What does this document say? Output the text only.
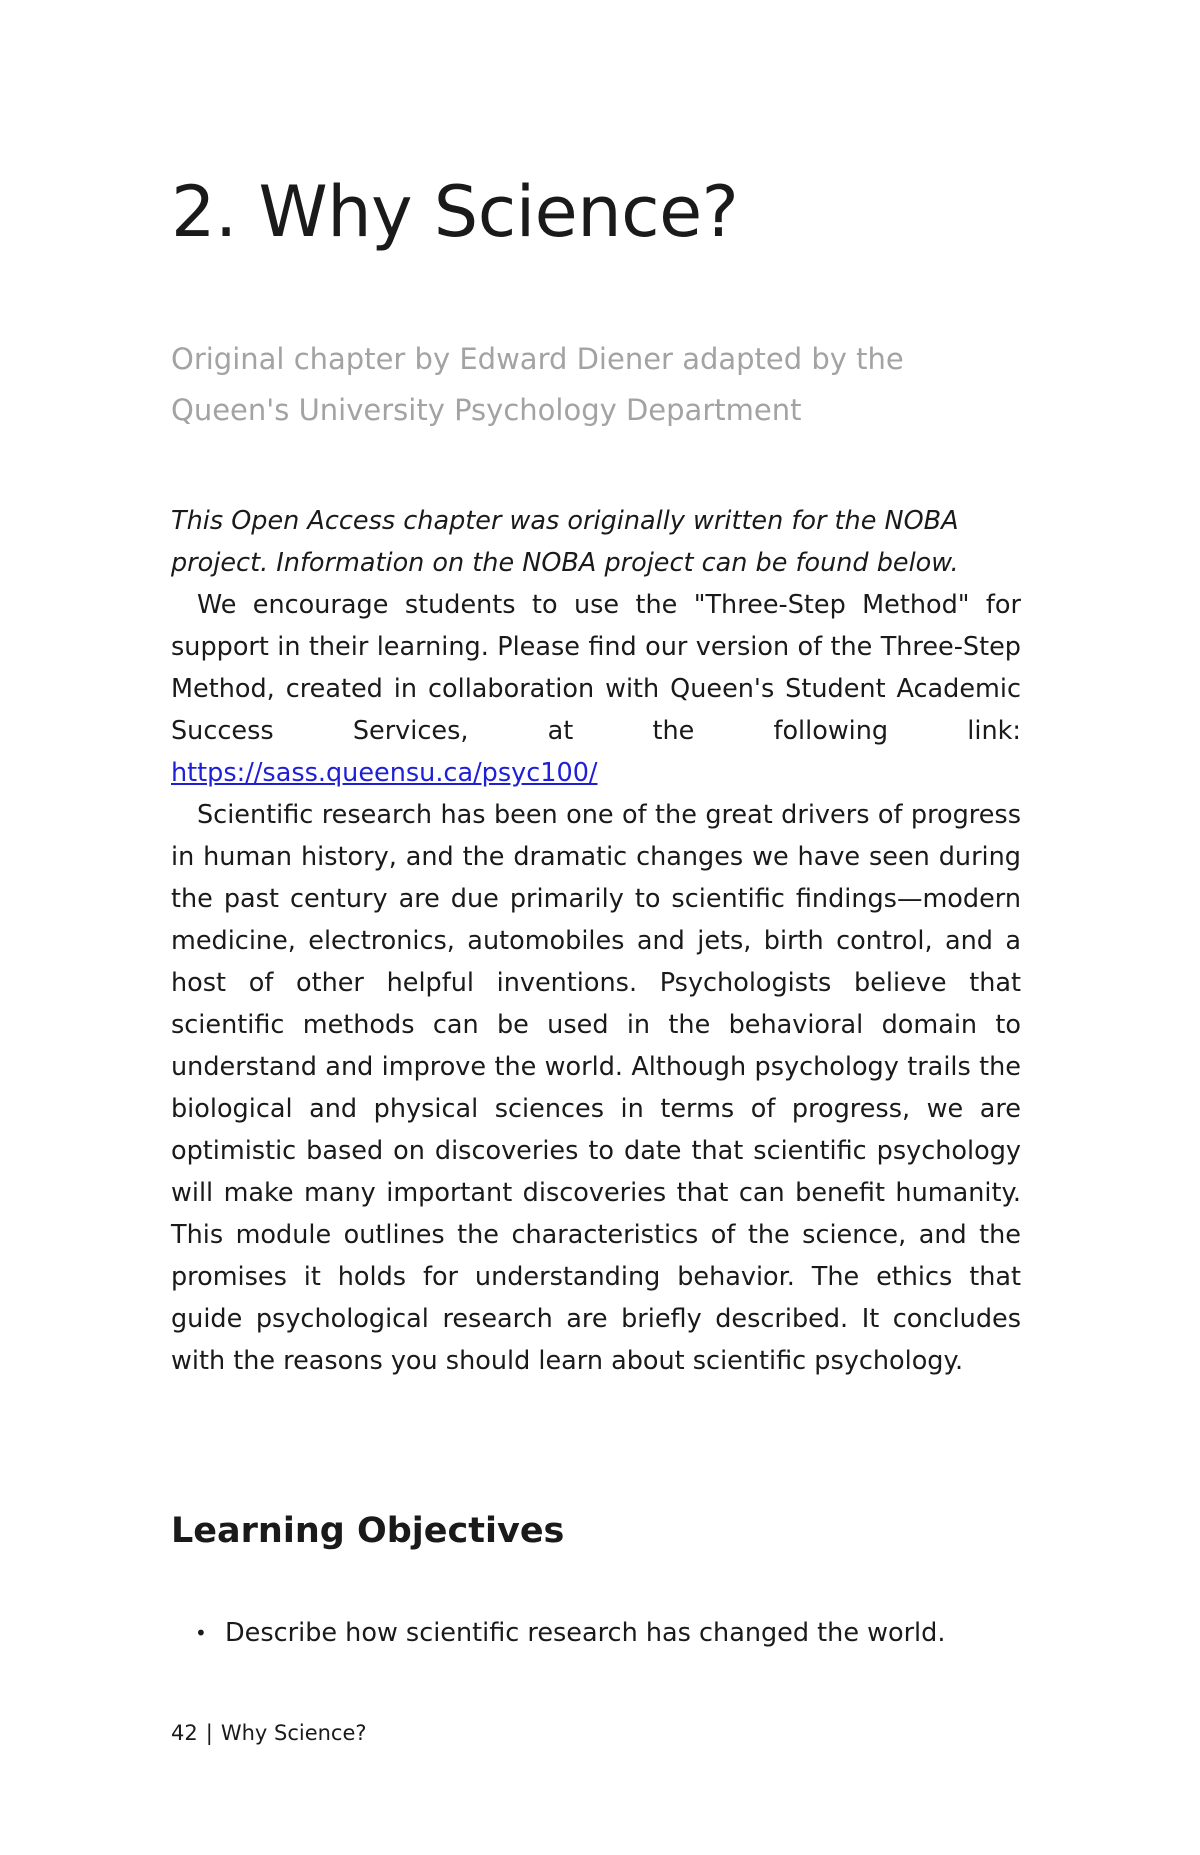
2. Why Science?

Original chapter by Edward Diener adapted by the Queen's University Psychology Department

This Open Access chapter was originally written for the NOBA project. Information on the NOBA project can be found below.

We encourage students to use the "Three-Step Method" for support in their learning. Please find our version of the Three-Step Method, created in collaboration with Queen's Student Academic Success Services, at the following link: https://sass.queensu.ca/psyc100/

Scientific research has been one of the great drivers of progress in human history, and the dramatic changes we have seen during the past century are due primarily to scientific findings—modern medicine, electronics, automobiles and jets, birth control, and a host of other helpful inventions. Psychologists believe that scientific methods can be used in the behavioral domain to understand and improve the world. Although psychology trails the biological and physical sciences in terms of progress, we are optimistic based on discoveries to date that scientific psychology will make many important discoveries that can benefit humanity. This module outlines the characteristics of the science, and the promises it holds for understanding behavior. The ethics that guide psychological research are briefly described. It concludes with the reasons you should learn about scientific psychology.

Learning Objectives
• Describe how scientific research has changed the world.
42 | Why Science?
